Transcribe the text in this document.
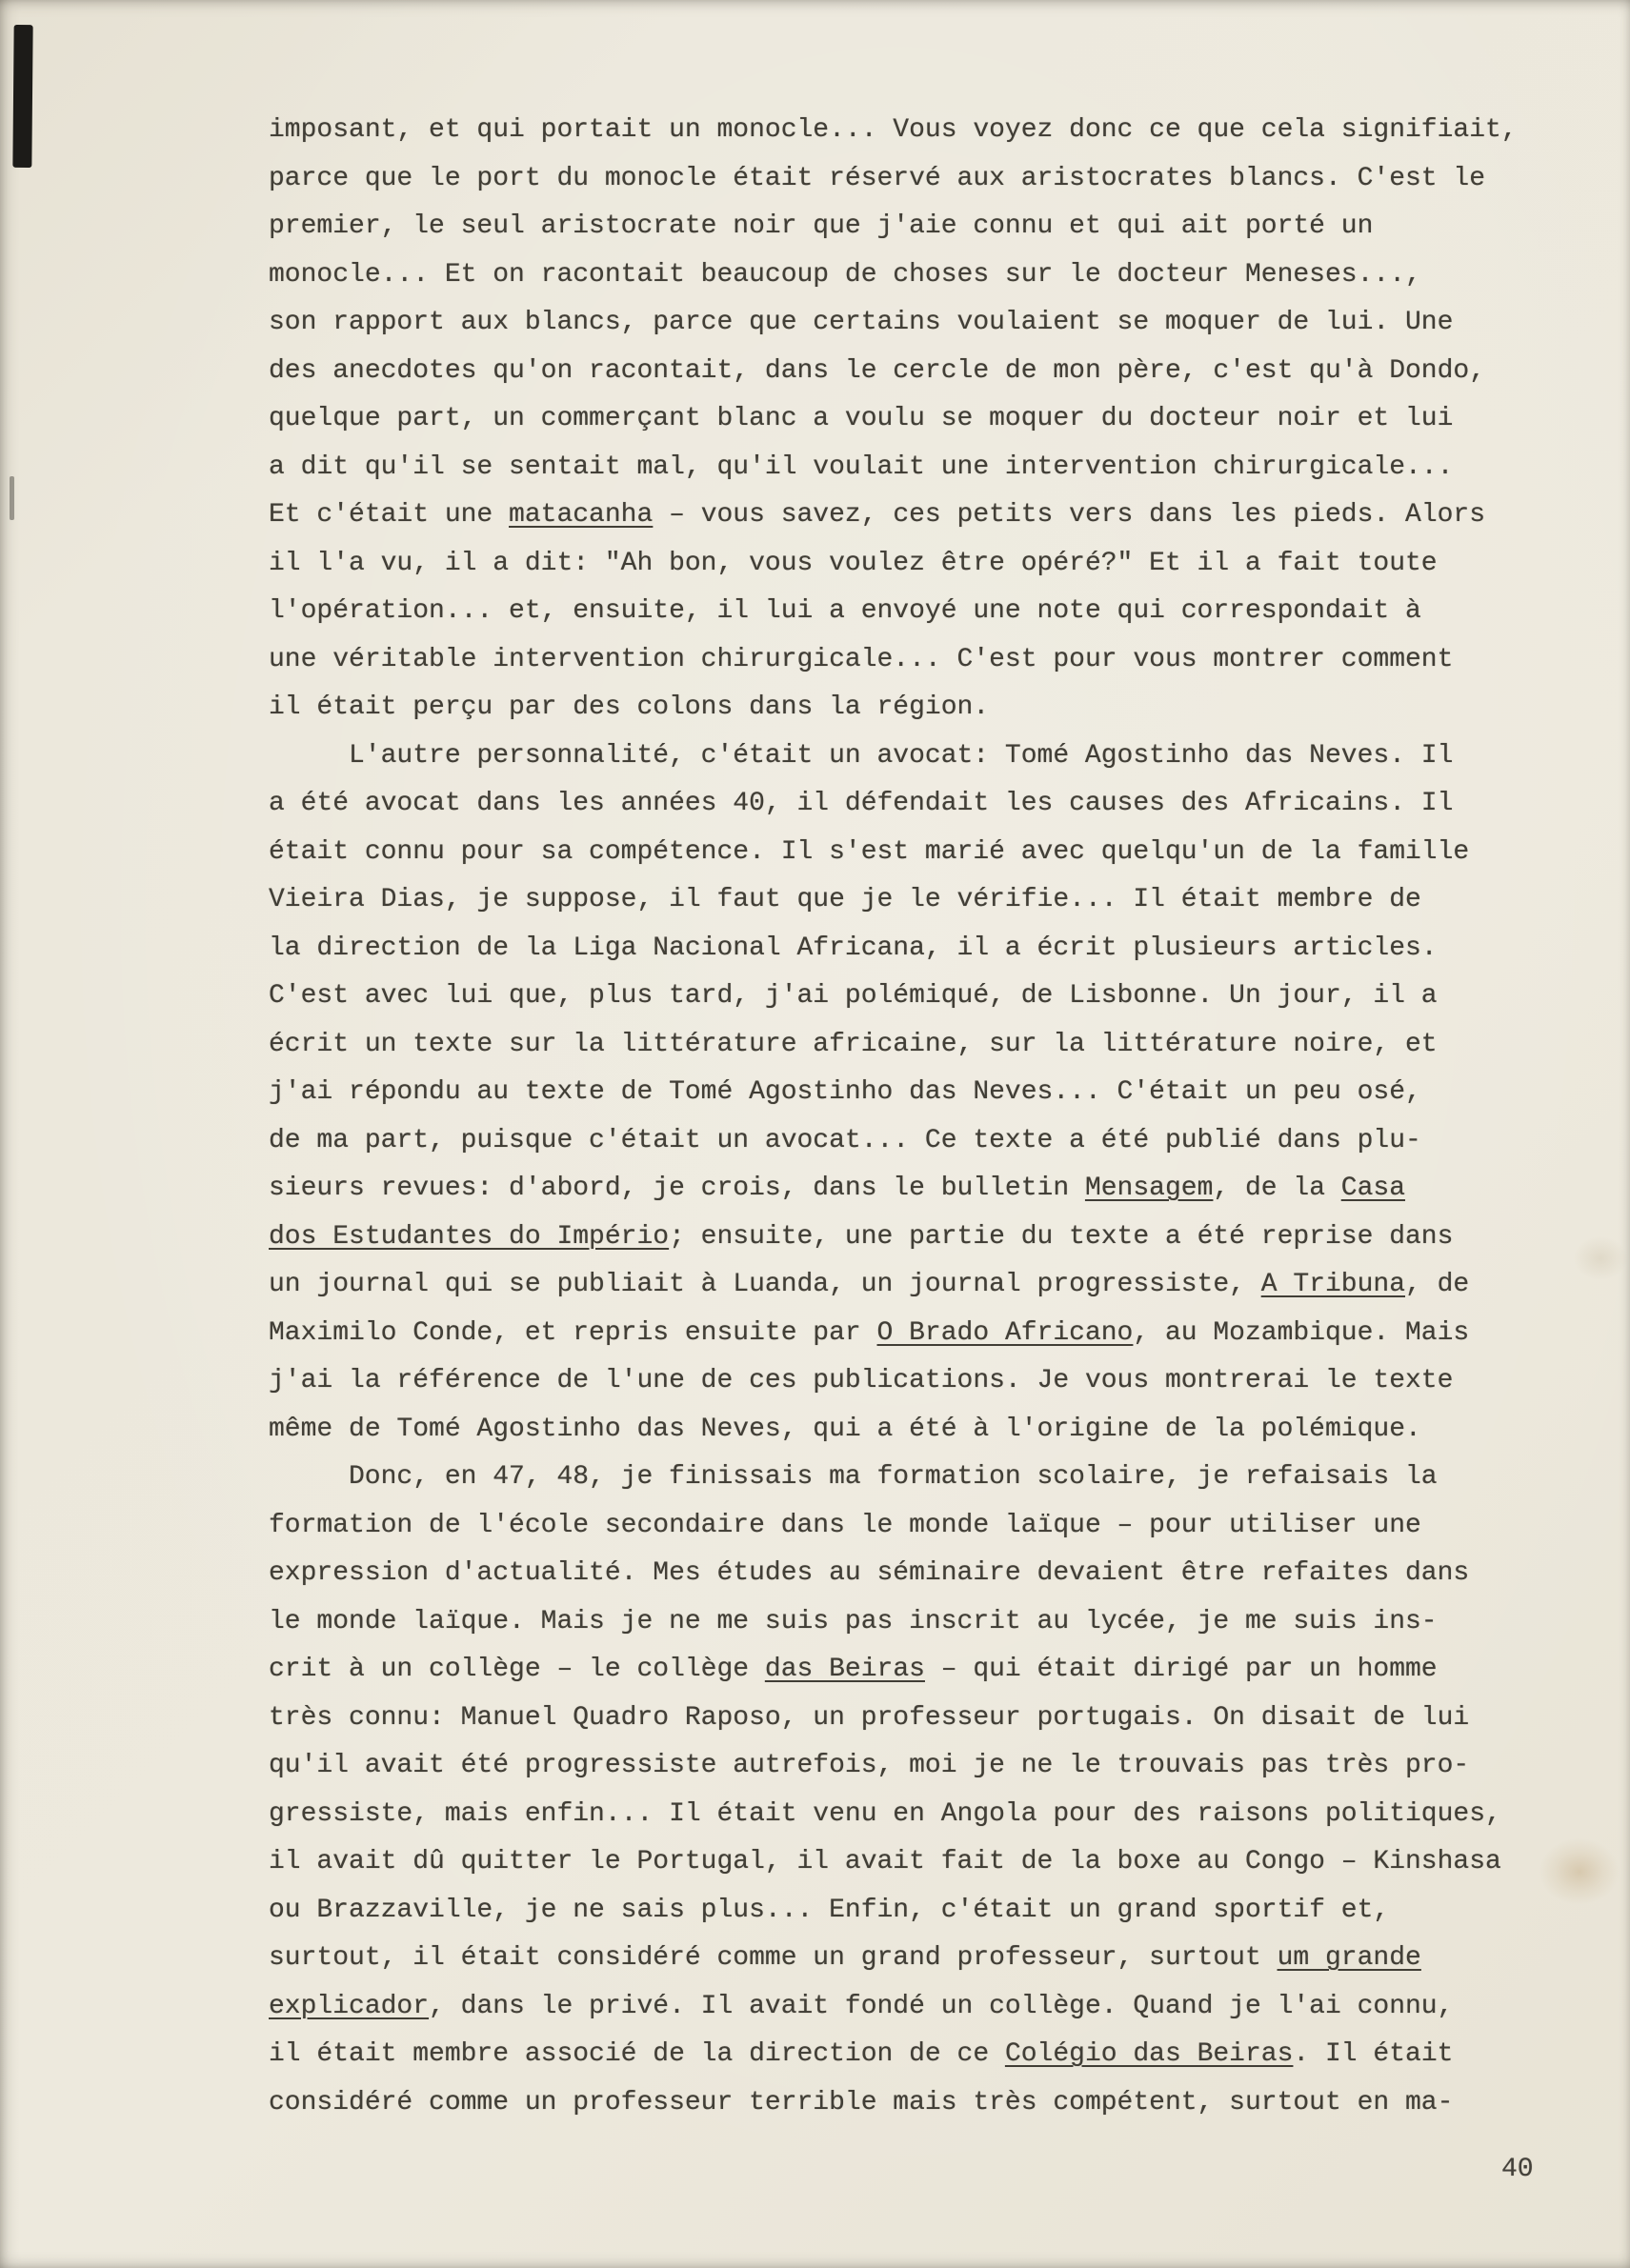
imposant, et qui portait un monocle... Vous voyez donc ce que cela signifiait,
parce que le port du monocle était réservé aux aristocrates blancs. C'est le
premier, le seul aristocrate noir que j'aie connu et qui ait porté un
monocle... Et on racontait beaucoup de choses sur le docteur Meneses...,
son rapport aux blancs, parce que certains voulaient se moquer de lui. Une
des anecdotes qu'on racontait, dans le cercle de mon père, c'est qu'à Dondo,
quelque part, un commerçant blanc a voulu se moquer du docteur noir et lui
a dit qu'il se sentait mal, qu'il voulait une intervention chirurgicale...
Et c'était une matacanha – vous savez, ces petits vers dans les pieds. Alors
il l'a vu, il a dit: "Ah bon, vous voulez être opéré?" Et il a fait toute
l'opération... et, ensuite, il lui a envoyé une note qui correspondait à
une véritable intervention chirurgicale... C'est pour vous montrer comment
il était perçu par des colons dans la région.
L'autre personnalité, c'était un avocat: Tomé Agostinho das Neves. Il
a été avocat dans les années 40, il défendait les causes des Africains. Il
était connu pour sa compétence. Il s'est marié avec quelqu'un de la famille
Vieira Dias, je suppose, il faut que je le vérifie... Il était membre de
la direction de la Liga Nacional Africana, il a écrit plusieurs articles.
C'est avec lui que, plus tard, j'ai polémiqué, de Lisbonne. Un jour, il a
écrit un texte sur la littérature africaine, sur la littérature noire, et
j'ai répondu au texte de Tomé Agostinho das Neves... C'était un peu osé,
de ma part, puisque c'était un avocat... Ce texte a été publié dans plu-
sieurs revues: d'abord, je crois, dans le bulletin Mensagem, de la Casa
dos Estudantes do Império; ensuite, une partie du texte a été reprise dans
un journal qui se publiait à Luanda, un journal progressiste, A Tribuna, de
Maximilo Conde, et repris ensuite par O Brado Africano, au Mozambique. Mais
j'ai la référence de l'une de ces publications. Je vous montrerai le texte
même de Tomé Agostinho das Neves, qui a été à l'origine de la polémique.
Donc, en 47, 48, je finissais ma formation scolaire, je refaisais la
formation de l'école secondaire dans le monde laïque – pour utiliser une
expression d'actualité. Mes études au séminaire devaient être refaites dans
le monde laïque. Mais je ne me suis pas inscrit au lycée, je me suis ins-
crit à un collège – le collège das Beiras – qui était dirigé par un homme
très connu: Manuel Quadro Raposo, un professeur portugais. On disait de lui
qu'il avait été progressiste autrefois, moi je ne le trouvais pas très pro-
gressiste, mais enfin... Il était venu en Angola pour des raisons politiques,
il avait dû quitter le Portugal, il avait fait de la boxe au Congo – Kinshasa
ou Brazzaville, je ne sais plus... Enfin, c'était un grand sportif et,
surtout, il était considéré comme un grand professeur, surtout um grande
explicador, dans le privé. Il avait fondé un collège. Quand je l'ai connu,
il était membre associé de la direction de ce Colégio das Beiras. Il était
considéré comme un professeur terrible mais très compétent, surtout en ma-
40
